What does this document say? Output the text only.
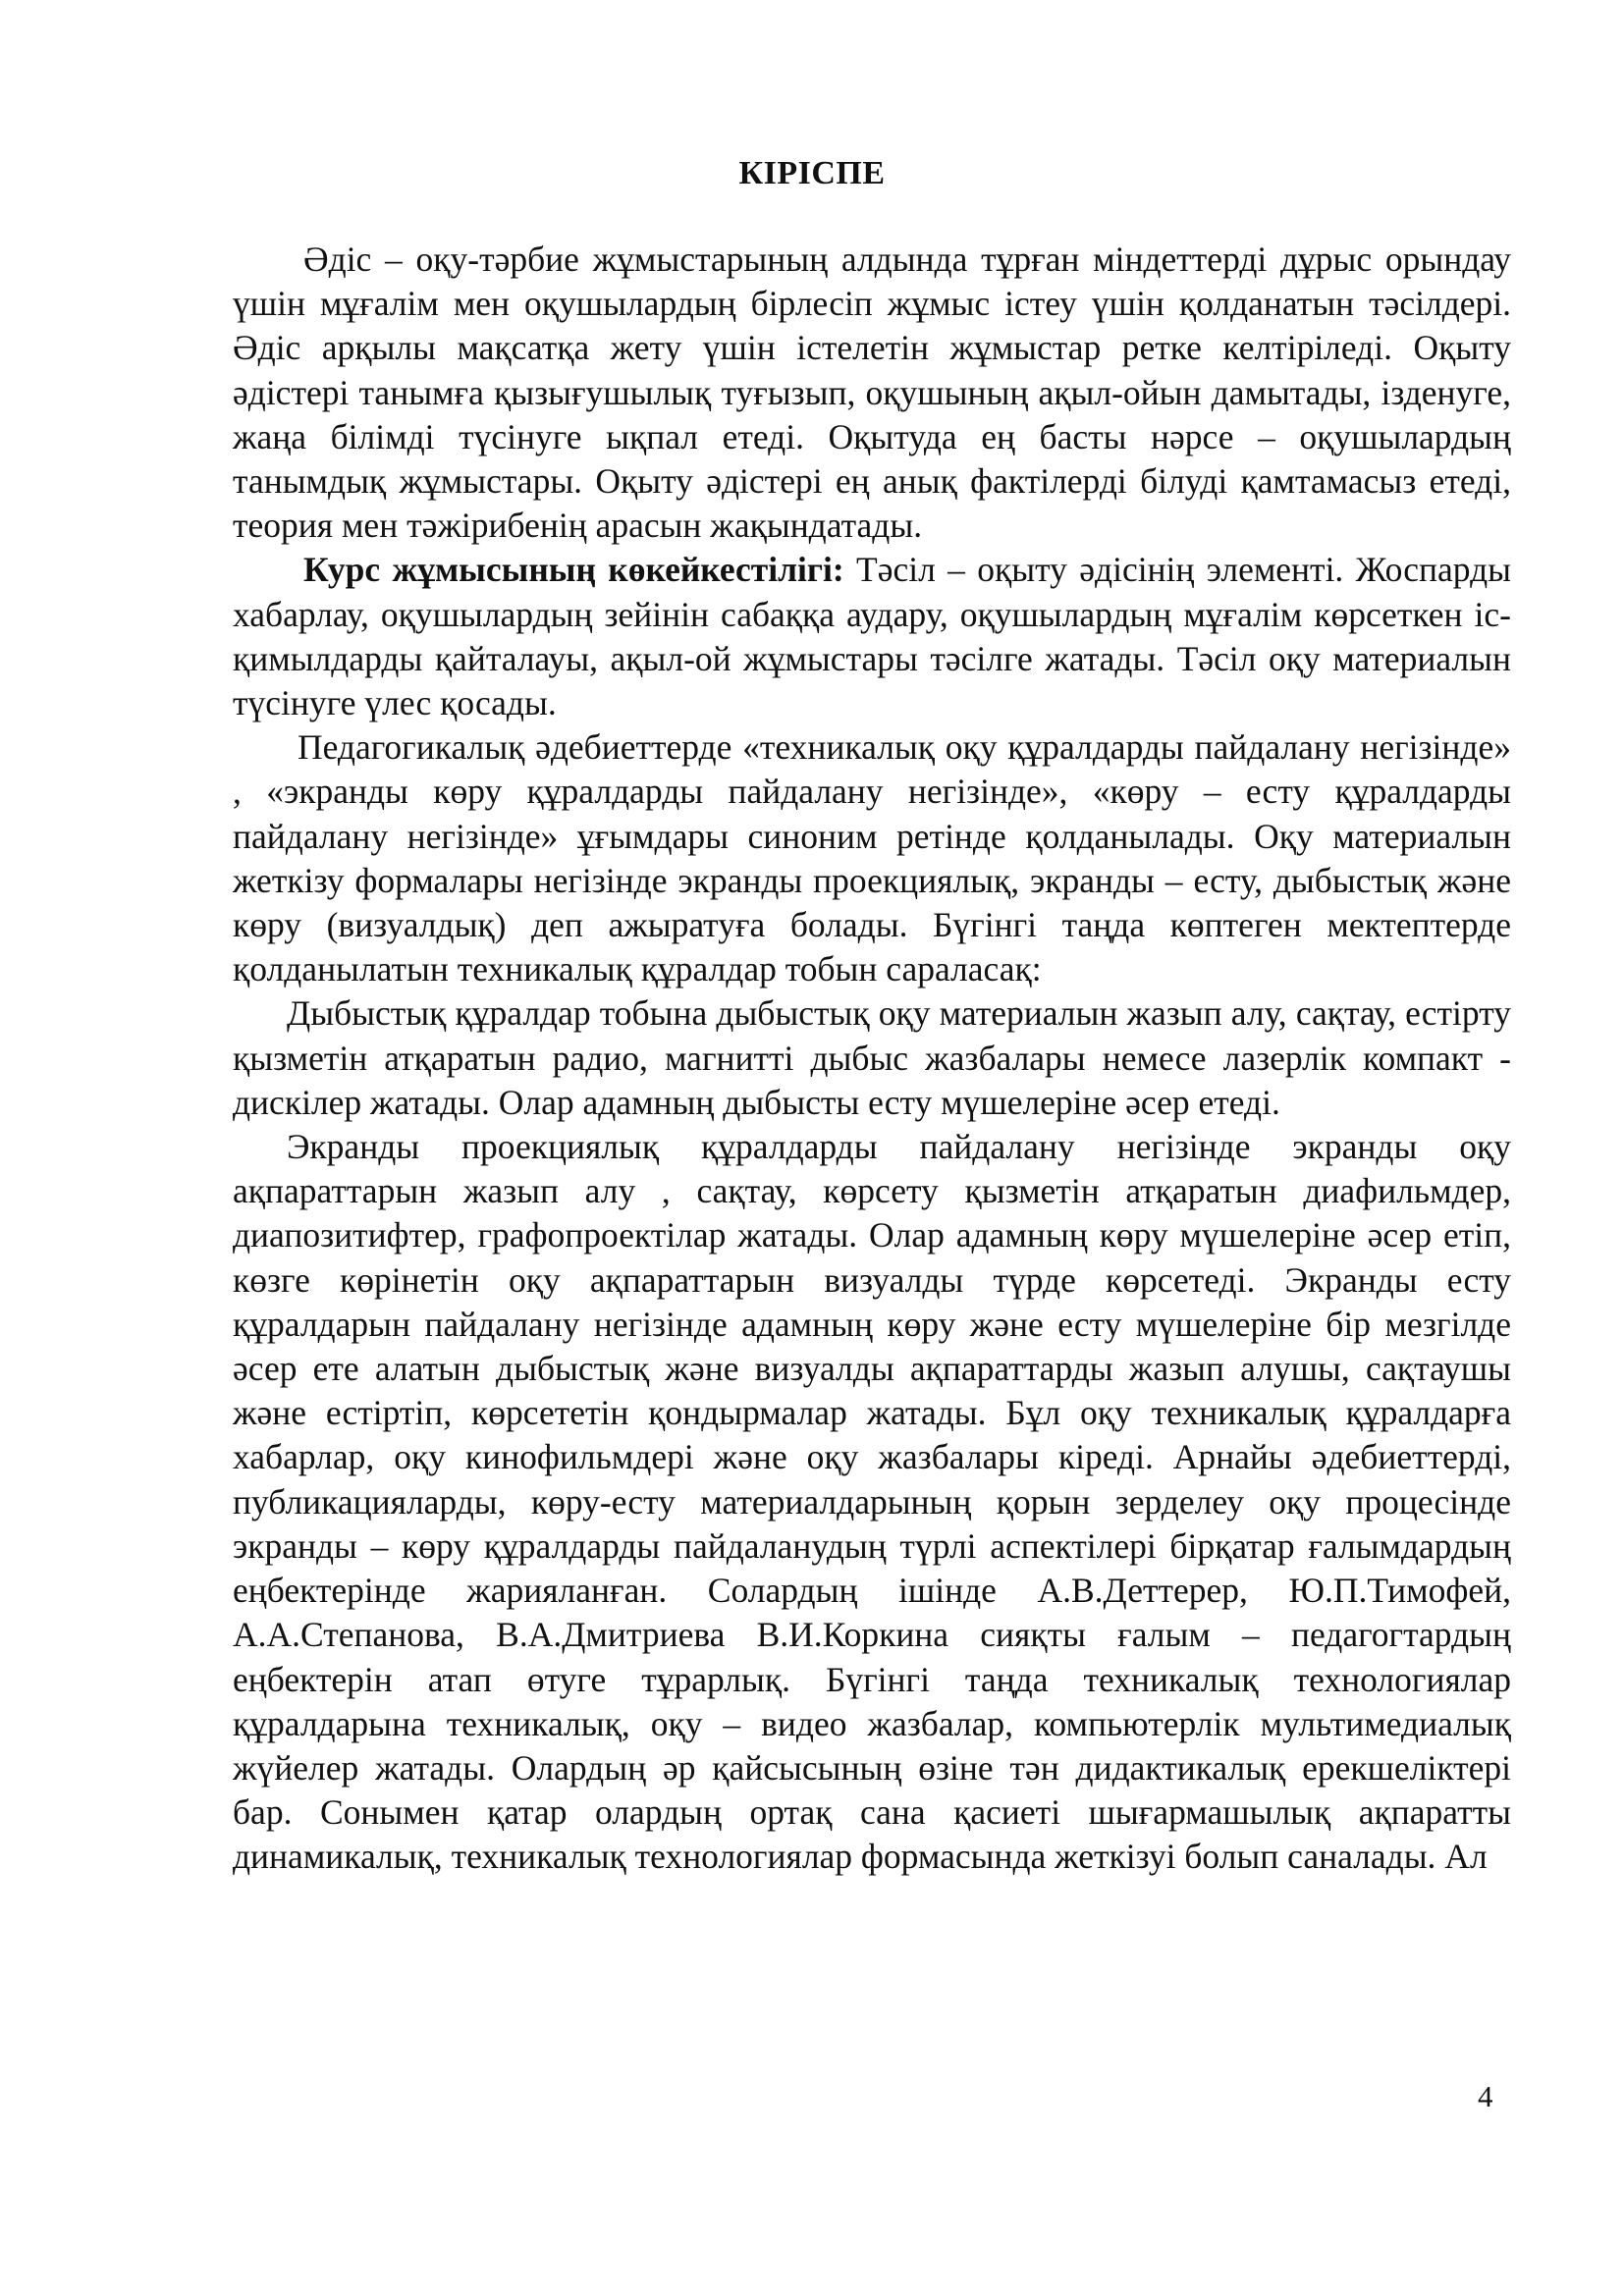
КІРІСПЕ

Әдіс – оқу-тәрбие жұмыстарының алдында тұрған міндеттерді дұрыс орындау үшін мұғалім мен оқушылардың бірлесіп жұмыс істеу үшін қолданатын тәсілдері. Әдіс арқылы мақсатқа жету үшін істелетін жұмыстар ретке келтіріледі. Оқыту әдістері танымға қызығушылық туғызып, оқушының ақыл-ойын дамытады, ізденуге, жаңа білімді түсінуге ықпал етеді. Оқытуда ең басты нәрсе – оқушылардың танымдық жұмыстары. Оқыту әдістері ең анық фактілерді білуді қамтамасыз етеді, теория мен тәжірибенің арасын жақындатады.

Курс жұмысының көкейкестілігі: Тәсіл – оқыту әдісінің элементі. Жоспарды хабарлау, оқушылардың зейінін сабаққа аудару, оқушылардың мұғалім көрсеткен іс-қимылдарды қайталауы, ақыл-ой жұмыстары тәсілге жатады. Тәсіл оқу материалын түсінуге үлес қосады.

Педагогикалық әдебиеттерде «техникалық оқу құралдарды пайдалану негізінде» , «экранды көру құралдарды пайдалану негізінде», «көру – есту құралдарды пайдалану негізінде» ұғымдары синоним ретінде қолданылады. Оқу материалын жеткізу формалары негізінде экранды проекциялық, экранды – есту, дыбыстық және көру (визуалдық) деп ажыратуға болады. Бүгінгі таңда көптеген мектептерде қолданылатын техникалық құралдар тобын сараласақ:

Дыбыстық құралдар тобына дыбыстық оқу материалын жазып алу, сақтау, естірту қызметін атқаратын радио, магнитті дыбыс жазбалары немесе лазерлік компакт - дискілер жатады. Олар адамның дыбысты есту мүшелеріне әсер етеді.

Экранды проекциялық құралдарды пайдалану негізінде экранды оқу ақпараттарын жазып алу , сақтау, көрсету қызметін атқаратын диафильмдер, диапозитифтер, графопроектілар жатады. Олар адамның көру мүшелеріне әсер етіп, көзге көрінетін оқу ақпараттарын визуалды түрде көрсетеді. Экранды есту құралдарын пайдалану негізінде адамның көру және есту мүшелеріне бір мезгілде әсер ете алатын дыбыстық және визуалды ақпараттарды жазып алушы, сақтаушы және естіртіп, көрсететін қондырмалар жатады. Бұл оқу техникалық құралдарға хабарлар, оқу кинофильмдері және оқу жазбалары кіреді. Арнайы әдебиеттерді, публикацияларды, көру-есту материалдарының қорын зерделеу оқу процесінде экранды – көру құралдарды пайдаланудың түрлі аспектілері бірқатар ғалымдардың еңбектерінде жарияланған. Солардың ішінде А.В.Деттерер, Ю.П.Тимофей, А.А.Степанова, В.А.Дмитриева В.И.Коркина сияқты ғалым – педагогтардың еңбектерін атап өтуге тұрарлық. Бүгінгі таңда техникалық технологиялар құралдарына техникалық, оқу – видео жазбалар, компьютерлік мультимедиалық жүйелер жатады. Олардың әр қайсысының өзіне тән дидактикалық ерекшеліктері бар. Сонымен қатар олардың ортақ сана қасиеті шығармашылық ақпаратты динамикалық, техникалық технологиялар формасында жеткізуі болып саналады. Ал

4
